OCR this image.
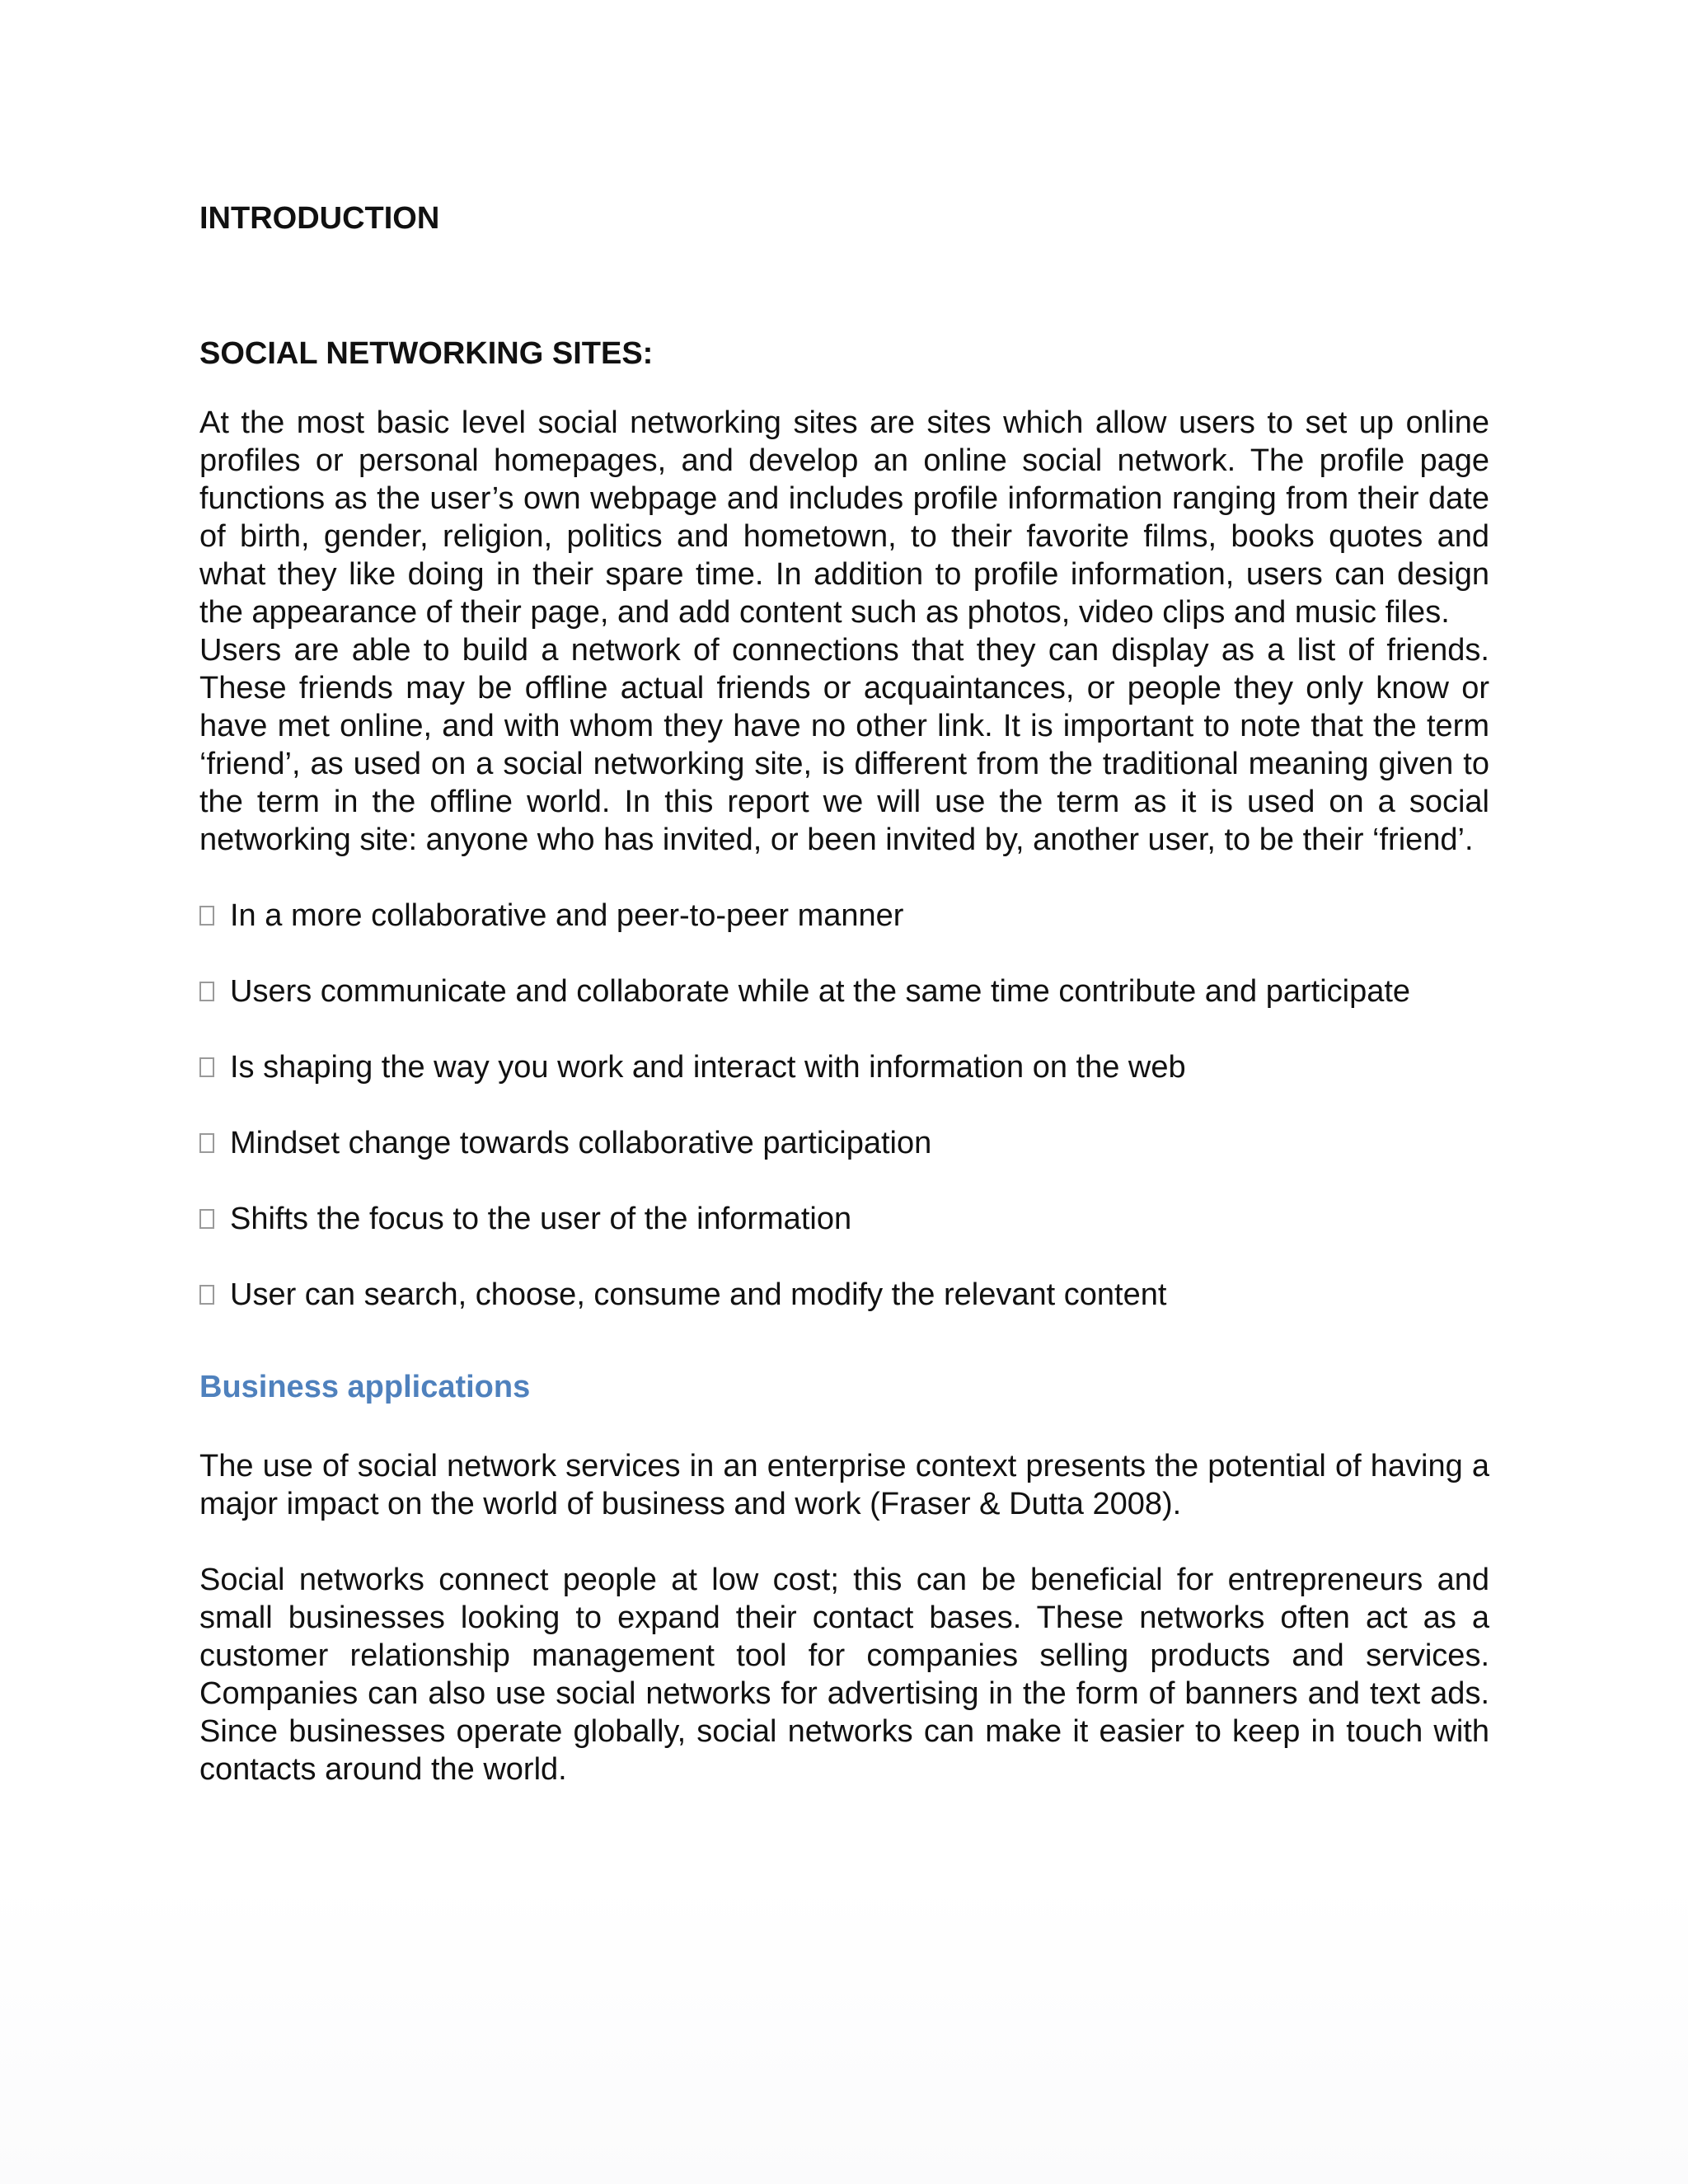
INTRODUCTION
SOCIAL NETWORKING SITES:

At the most basic level social networking sites are sites which allow users to set up online profiles or personal homepages, and develop an online social network. The profile page functions as the user’s own webpage and includes profile information ranging from their date of birth, gender, religion, politics and hometown, to their favorite films, books quotes and what they like doing in their spare time. In addition to profile information, users can design the appearance of their page, and add content such as photos, video clips and music files.

Users are able to build a network of connections that they can display as a list of friends. These friends may be offline actual friends or acquaintances, or people they only know or have met online, and with whom they have no other link. It is important to note that the term ‘friend’, as used on a social networking site, is different from the traditional meaning given to the term in the offline world. In this report we will use the term as it is used on a social networking site: anyone who has invited, or been invited by, another user, to be their ‘friend’.

In a more collaborative and peer-to-peer manner
Users communicate and collaborate while at the same time contribute and participate
Is shaping the way you work and interact with information on the web
Mindset change towards collaborative participation
Shifts the focus to the user of the information
User can search, choose, consume and modify the relevant content
Business applications

The use of social network services in an enterprise context presents the potential of having a major impact on the world of business and work (Fraser & Dutta 2008).

Social networks connect people at low cost; this can be beneficial for entrepreneurs and small businesses looking to expand their contact bases. These networks often act as a customer relationship management tool for companies selling products and services. Companies can also use social networks for advertising in the form of banners and text ads. Since businesses operate globally, social networks can make it easier to keep in touch with contacts around the world.
